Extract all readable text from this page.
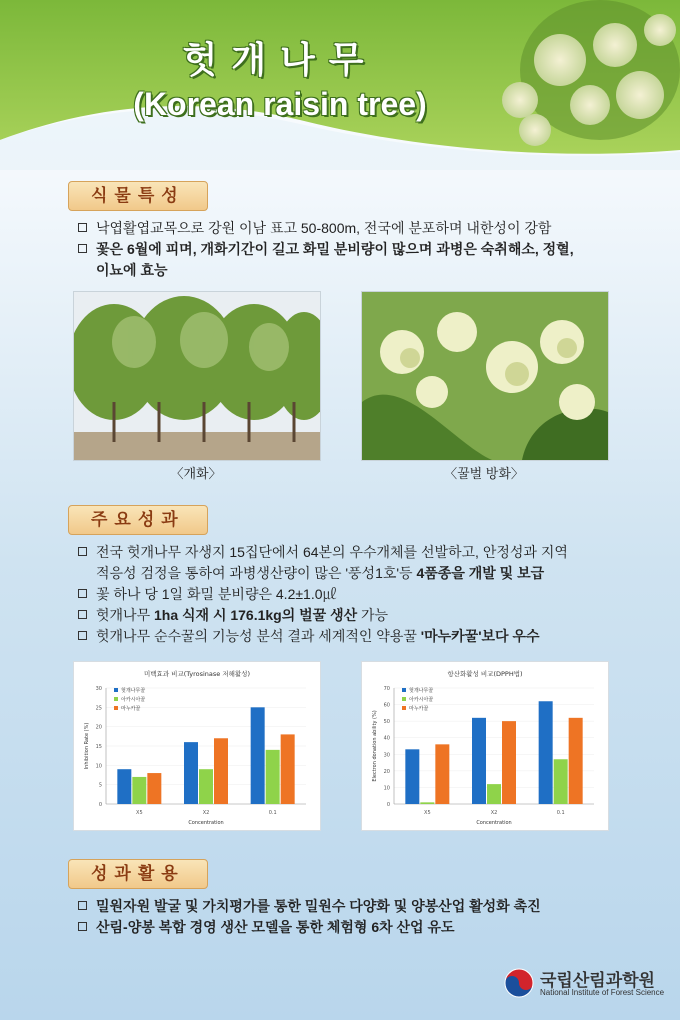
헛개나무
(Korean raisin tree)
식물특성
낙엽활엽교목으로 강원 이남 표고 50-800m, 전국에 분포하며 내한성이 강함
꽃은 6월에 피며, 개화기간이 길고 화밀 분비량이 많으며 과병은 숙취해소, 정혈,
이뇨에 효능
〈개화〉	〈꿀벌 방화〉
주요성과
전국 헛개나무 자생지 15집단에서 64본의 우수개체를 선발하고, 안정성과 지역
적응성 검정을 통하여 과병생산량이 많은 '풍성1호'등 4품종을 개발 및 보급
꽃 하나 당 1일 화밀 분비량은 4.2±1.0㎕
헛개나무 1ha 식재 시 176.1kg의 벌꿀 생산 가능
헛개나무 순수꿀의 기능성 분석 결과 세계적인 약용꿀 '마누카꿀'보다 우수
미백효과 비교(Tyrosinase 저해활성)
0
5
10
15
20
25
30
Inhibition Rate (%)
Concentration
X5	X2	0.1
헛개나무꿀
아카시아꿀
마누카꿀
항산화활성 비교(DPPH법)
0
10
20
30
40
50
60
70
Electron donation ability (%)
Concentration
X5	X2	0.1
헛개나무꿀
아카시아꿀
마누카꿀
성과활용
밀원자원 발굴 및 가치평가를 통한 밀원수 다양화 및 양봉산업 활성화 촉진
산림-양봉 복합 경영 생산 모델을 통한 체험형 6차 산업 유도
국립산림과학원
National Institute of Forest Science
